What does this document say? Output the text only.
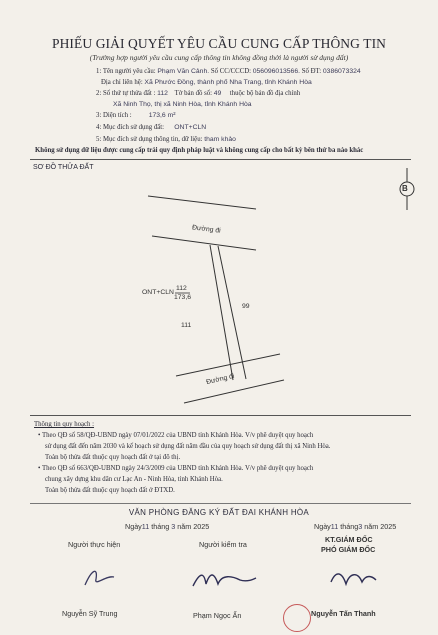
PHIẾU GIẢI QUYẾT YÊU CẦU CUNG CẤP THÔNG TIN
(Trường hợp người yêu cầu cung cấp thông tin không đồng thời là người sử dụng đất)
1: Tên người yêu cầu: Phạm Văn Cảnh. Số CC/CCCD: 056096013566. Số ĐT: 0386073324
Địa chỉ liên hệ: Xã Phước Đồng, thành phố Nha Trang, tỉnh Khánh Hòa
2: Số thứ tự thửa đất : 112 Tờ bản đồ số: 49 thuộc bộ bản đồ địa chính
Xã Ninh Thọ, thị xã Ninh Hòa, tỉnh Khánh Hòa
3: Diện tích :	173,6 m²
4: Mục đích sử dụng đất: ONT+CLN
5: Mục đích sử dụng thông tin, dữ liệu: tham khảo
Không sử dụng dữ liệu được cung cấp trái quy định pháp luật và không cung cấp cho bất kỳ bên thứ ba nào khác
SƠ ĐỒ THỬA ĐẤT
B
Đường đi
ONT+CLN
112
173,6
99
111
Đường đi
Thông tin quy hoạch :
• Theo QĐ số 58/QĐ-UBND ngày 07/01/2022 của UBND tỉnh Khánh Hòa. V/v phê duyệt quy hoạch
sử dụng đất đến năm 2030 và kế hoạch sử dụng đất năm đầu của quy hoạch sử dụng đất thị xã Ninh Hòa.
Toàn bộ thửa đất thuộc quy hoạch đất ở tại đô thị.
• Theo QĐ số 663/QĐ-UBND ngày 24/3/2009 của UBND tỉnh Khánh Hòa. V/v phê duyệt quy hoạch
chung xây dựng khu dân cư Lạc An - Ninh Hòa, tỉnh Khánh Hòa.
Toàn bộ thửa đất thuộc quy hoạch đất ở ĐTXD.
VĂN PHÒNG ĐĂNG KÝ ĐẤT ĐAI KHÁNH HÒA
Ngày11 tháng 3 năm 2025	Ngày11 tháng3 năm 2025
Người thực hiện	Người kiểm tra
KT.GIÁM ĐỐC
PHÓ GIÁM ĐỐC
Nguyễn Sỹ Trung	Phạm Ngọc Ẩn	Nguyễn Tấn Thanh
